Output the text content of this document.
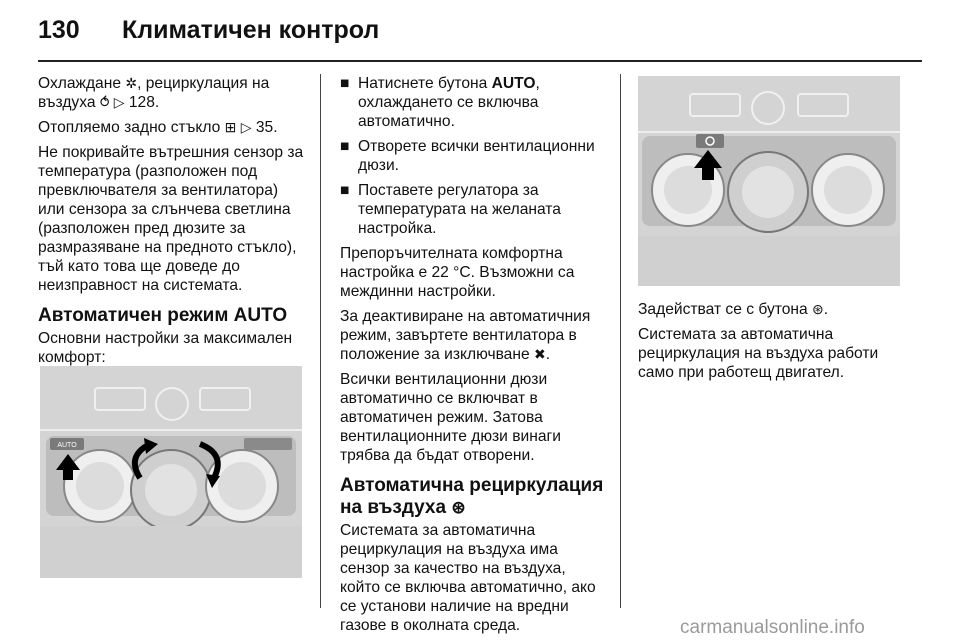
130 Климатичен контрол

Охлаждане ✲, рециркулация на въздуха ⥀ ▷ 128.

Отопляемо задно стъкло ⊞ ▷ 35.

Не покривайте вътрешния сензор за температура (разположен под превключвателя за вентилатора) или сензора за слънчева светлина (разположен пред дюзите за размразяване на предното стъкло), тъй като това ще доведе до неизправност на системата.

Автоматичен режим AUTO

Основни настройки за максимален комфорт:

AUTO
■ Натиснете бутона AUTO, охлаждането се включва автоматично.
■ Отворете всички вентилационни дюзи.
■ Поставете регулатора за температурата на желаната настройка.

Препоръчителната комфортна настройка е 22 °C. Възможни са междинни настройки.

За деактивиране на автоматичния режим, завъртете вентилатора в положение за изключване ✖.

Всички вентилационни дюзи автоматично се включват в автоматичен режим. Затова вентилационните дюзи винаги трябва да бъдат отворени.

Автоматична рециркулация на въздуха ⊛

Системата за автоматична рециркулация на въздуха има сензор за качество на въздуха, който се включва автоматично, ако се установи наличие на вредни газове в околната среда.

Задействат се с бутона ⊛.

Системата за автоматична рециркулация на въздуха работи само при работещ двигател.

carmanualsonline.info
